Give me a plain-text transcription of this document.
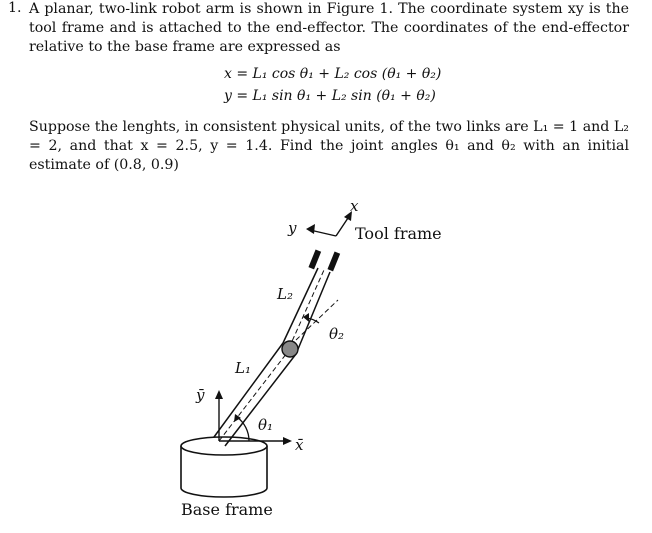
1. A planar, two-link robot arm is shown in Figure 1. The coordinate system xy is the tool frame and is attached to the end-effector. The coordinates of the end-effector relative to the base frame are expressed as
x = L₁ cos θ₁ + L₂ cos (θ₁ + θ₂)
y = L₁ sin θ₁ + L₂ sin (θ₁ + θ₂)
Suppose the lenghts, in consistent physical units, of the two links are L₁ = 1 and L₂ = 2, and that x = 2.5, y = 1.4. Find the joint angles θ₁ and θ₂ with an initial estimate of (0.8, 0.9)
x
y	Tool frame
L₂
θ₂
L₁
ȳ
θ₁
x̄
Base frame
